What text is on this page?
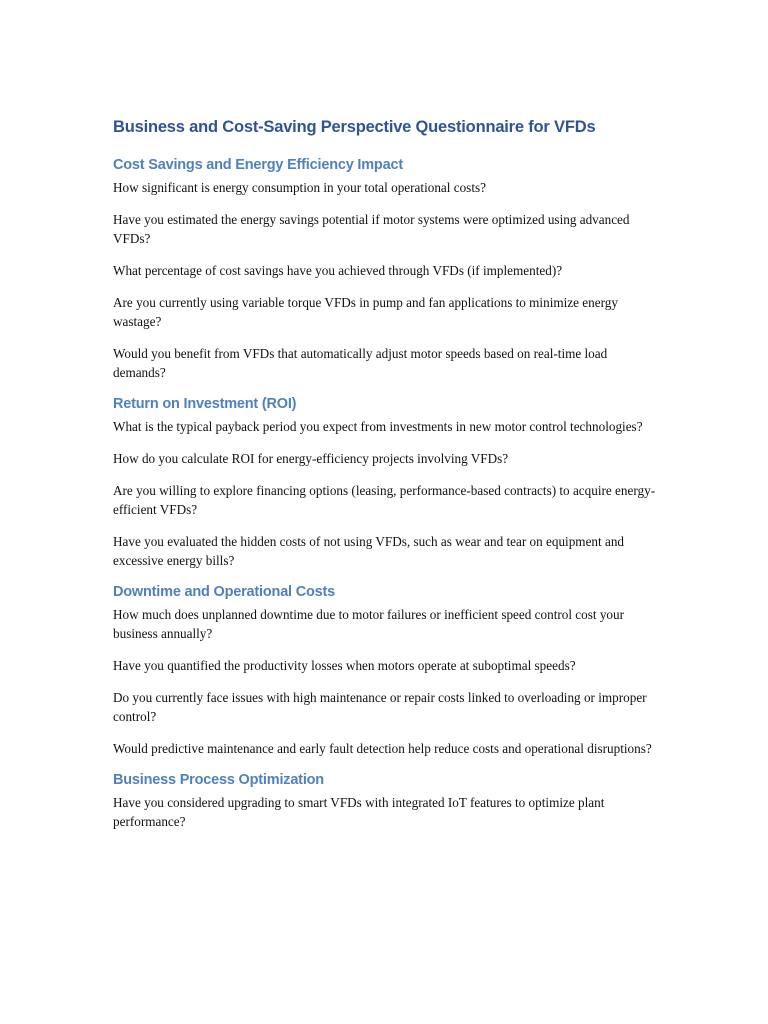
Business and Cost-Saving Perspective Questionnaire for VFDs
Cost Savings and Energy Efficiency Impact

How significant is energy consumption in your total operational costs?

Have you estimated the energy savings potential if motor systems were optimized using advanced VFDs?

What percentage of cost savings have you achieved through VFDs (if implemented)?

Are you currently using variable torque VFDs in pump and fan applications to minimize energy wastage?

Would you benefit from VFDs that automatically adjust motor speeds based on real-time load demands?

Return on Investment (ROI)

What is the typical payback period you expect from investments in new motor control technologies?

How do you calculate ROI for energy-efficiency projects involving VFDs?

Are you willing to explore financing options (leasing, performance-based contracts) to acquire energy-efficient VFDs?

Have you evaluated the hidden costs of not using VFDs, such as wear and tear on equipment and excessive energy bills?

Downtime and Operational Costs

How much does unplanned downtime due to motor failures or inefficient speed control cost your business annually?

Have you quantified the productivity losses when motors operate at suboptimal speeds?

Do you currently face issues with high maintenance or repair costs linked to overloading or improper control?

Would predictive maintenance and early fault detection help reduce costs and operational disruptions?

Business Process Optimization

Have you considered upgrading to smart VFDs with integrated IoT features to optimize plant performance?
